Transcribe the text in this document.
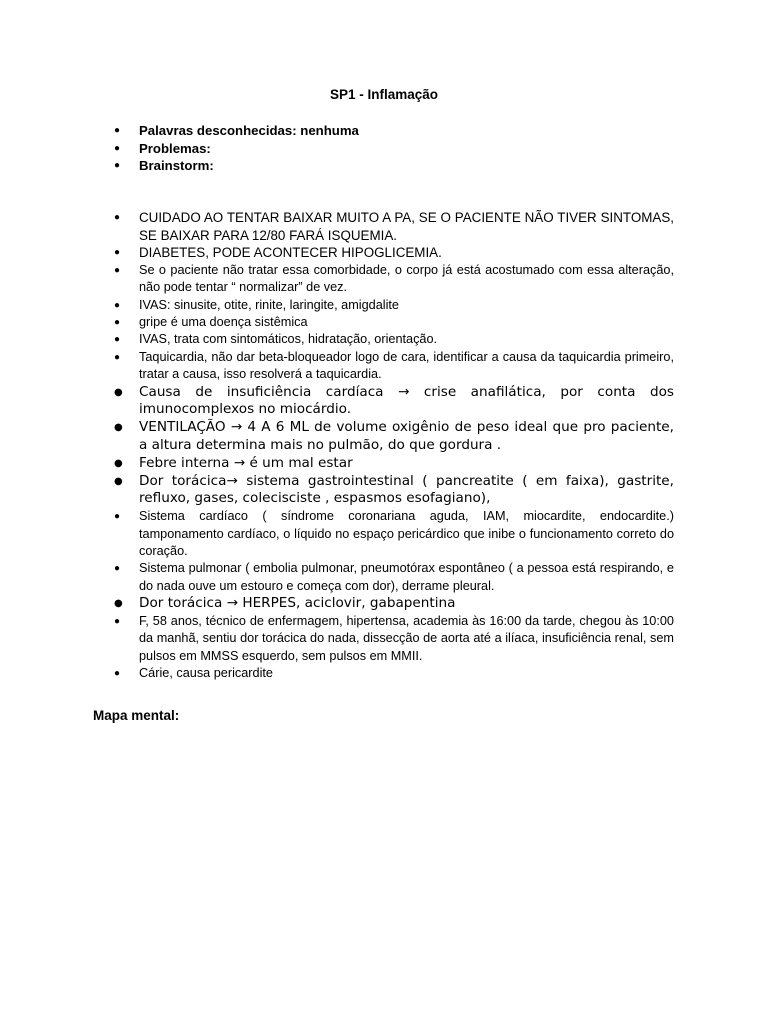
SP1 - Inflamação
● Palavras desconhecidas: nenhuma
● Problemas:
● Brainstorm:
● CUIDADO AO TENTAR BAIXAR MUITO A PA, SE O PACIENTE NÃO TIVER SINTOMAS, SE BAIXAR PARA 12/80 FARÁ ISQUEMIA.
● DIABETES, PODE ACONTECER HIPOGLICEMIA.
● Se o paciente não tratar essa comorbidade, o corpo já está acostumado com essa alteração, não pode tentar “ normalizar” de vez.
● IVAS: sinusite, otite, rinite, laringite, amigdalite
● gripe é uma doença sistêmica
● IVAS, trata com sintomáticos, hidratação, orientação.
● Taquicardia, não dar beta-bloqueador logo de cara, identificar a causa da taquicardia primeiro, tratar a causa, isso resolverá a taquicardia.
● Causa de insuficiência cardíaca → crise anafilática, por conta dos imunocomplexos no miocárdio.
● VENTILAÇÃO → 4 A 6 ML de volume oxigênio de peso ideal que pro paciente, a altura determina mais no pulmão, do que gordura .
● Febre interna → é um mal estar
● Dor torácica→ sistema gastrointestinal ( pancreatite ( em faixa), gastrite, refluxo, gases, colecisciste , espasmos esofagiano),
● Sistema cardíaco ( síndrome coronariana aguda, IAM, miocardite, endocardite.) tamponamento cardíaco, o líquido no espaço pericárdico que inibe o funcionamento correto do coração.
● Sistema pulmonar ( embolia pulmonar, pneumotórax espontâneo ( a pessoa está respirando, e do nada ouve um estouro e começa com dor), derrame pleural.
● Dor torácica → HERPES, aciclovir, gabapentina
● F, 58 anos, técnico de enfermagem, hipertensa, academia às 16:00 da tarde, chegou às 10:00 da manhã, sentiu dor torácica do nada, dissecção de aorta até a ilíaca, insuficiência renal, sem pulsos em MMSS esquerdo, sem pulsos em MMII.
● Cárie, causa pericardite
Mapa mental:
